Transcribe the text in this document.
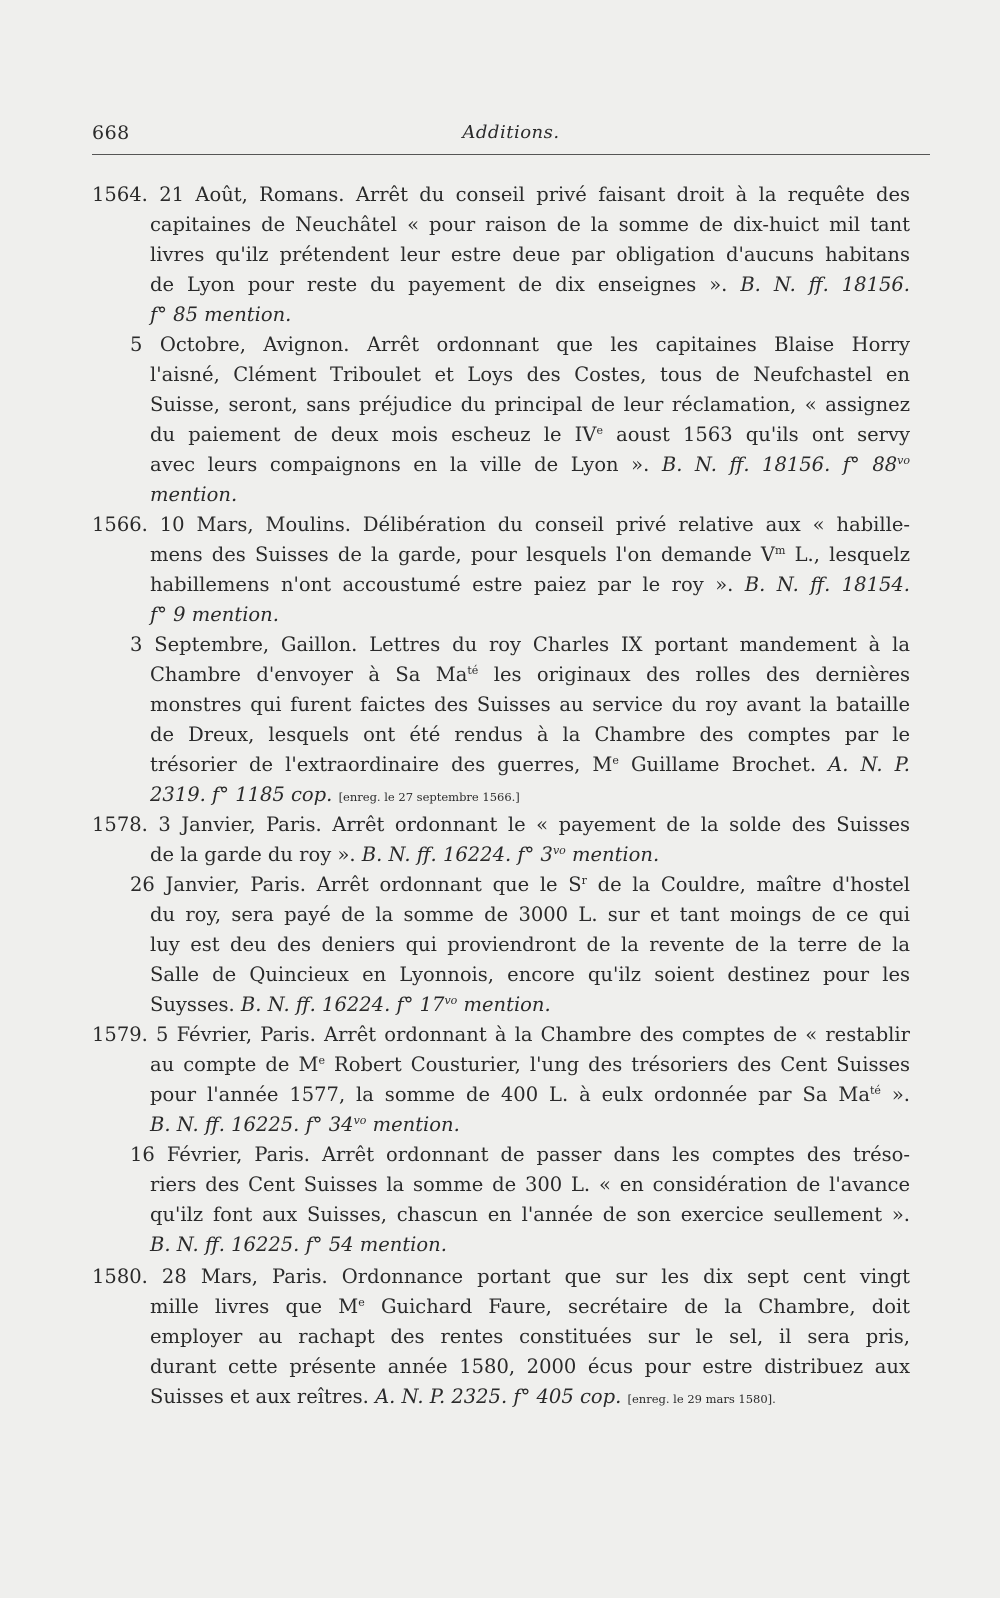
668	Additions.
1564. 21 Août, Romans. Arrêt du conseil privé faisant droit à la requête des
capitaines de Neuchâtel « pour raison de la somme de dix-huict mil tant
livres qu'ilz prétendent leur estre deue par obligation d'aucuns habitans
de Lyon pour reste du payement de dix enseignes ». B. N. ff. 18156.
f° 85 mention.
5 Octobre, Avignon. Arrêt ordonnant que les capitaines Blaise Horry
l'aisné, Clément Triboulet et Loys des Costes, tous de Neufchastel en
Suisse, seront, sans préjudice du principal de leur réclamation, « assignez
du paiement de deux mois escheuz le IVe aoust 1563 qu'ils ont servy
avec leurs compaignons en la ville de Lyon ». B. N. ff. 18156. f° $88^{vo}$
mention.
1566. 10 Mars, Moulins. Délibération du conseil privé relative aux « habille-
mens des Suisses de la garde, pour lesquels l'on demande $V^m$ L., lesquelz
habillemens n'ont accoustumé estre paiez par le roy ». B. N. ff. 18154.
f° 9 mention.
3 Septembre, Gaillon. Lettres du roy Charles IX portant mandement à la
Chambre d'envoyer à Sa $Ma^{té}$ les originaux des rolles des dernières
monstres qui furent faictes des Suisses au service du roy avant la bataille
de Dreux, lesquels ont été rendus à la Chambre des comptes par le
trésorier de l'extraordinaire des guerres, Me Guillame Brochet. A. N. P.
2319. f° 1185 cop. [enreg. le 27 septembre 1566.]
1578. 3 Janvier, Paris. Arrêt ordonnant le « payement de la solde des Suisses
de la garde du roy ». B. N. ff. 16224. f° $3^{vo}$ mention.
26 Janvier, Paris. Arrêt ordonnant que le $S^r$ de la Couldre, maître d'hostel
du roy, sera payé de la somme de 3000 L. sur et tant moings de ce qui
luy est deu des deniers qui proviendront de la revente de la terre de la
Salle de Quincieux en Lyonnois, encore qu'ilz soient destinez pour les
Suysses. B. N. ff. 16224. f° $17^{vo}$ mention.
1579. 5 Février, Paris. Arrêt ordonnant à la Chambre des comptes de « restablir
au compte de Me Robert Cousturier, l'ung des trésoriers des Cent Suisses
pour l'année 1577, la somme de 400 L. à eulx ordonnée par Sa $Ma^{té}$ ».
B. N. ff. 16225. f° $34^{vo}$ mention.
16 Février, Paris. Arrêt ordonnant de passer dans les comptes des tréso-
riers des Cent Suisses la somme de 300 L. « en considération de l'avance
qu'ilz font aux Suisses, chascun en l'année de son exercice seullement ».
B. N. ff. 16225. f° 54 mention.
1580. 28 Mars, Paris. Ordonnance portant que sur les dix sept cent vingt
mille livres que Me Guichard Faure, secrétaire de la Chambre, doit
employer au rachapt des rentes constituées sur le sel, il sera pris,
durant cette présente année 1580, 2000 écus pour estre distribuez aux
Suisses et aux reîtres. A. N. P. 2325. f° 405 cop. [enreg. le 29 mars 1580].
